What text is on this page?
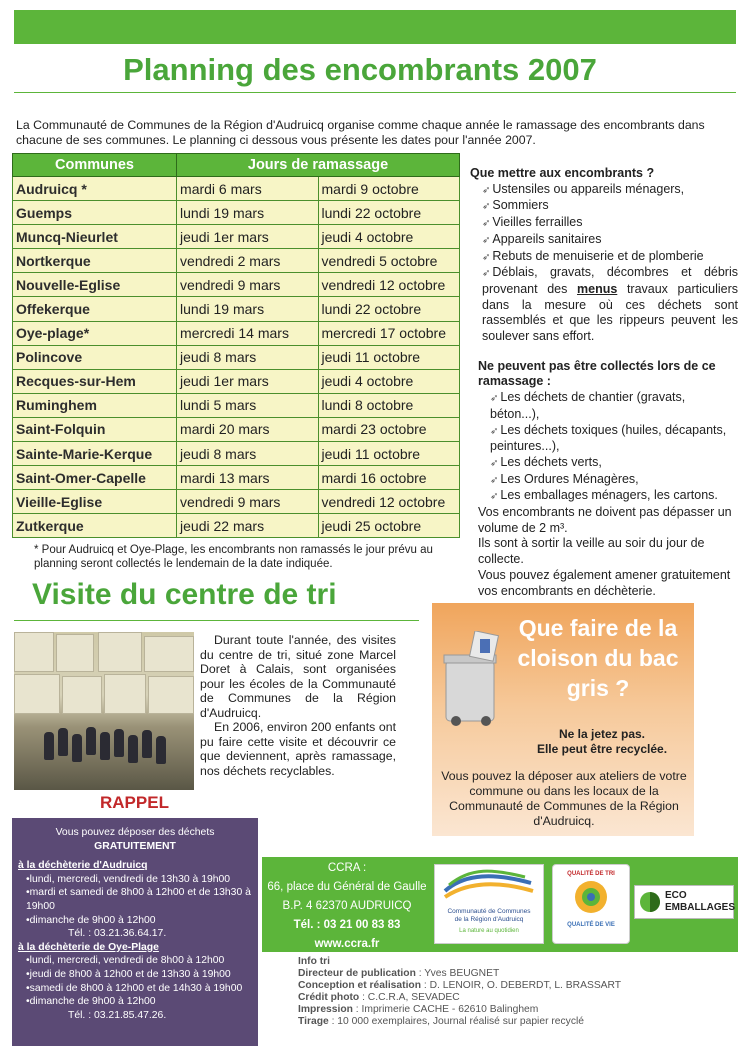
Planning des encombrants 2007

La Communauté de Communes de la Région d'Audruicq organise comme chaque année le ramassage des encombrants dans chacune de ses communes. Le planning ci dessous vous présente les dates pour l'année 2007.

Communes	Jours de ramassage	
Audruicq *	mardi 6 mars	mardi 9 octobre
Guemps	lundi 19 mars	lundi 22 octobre
Muncq-Nieurlet	jeudi 1er mars	jeudi 4 octobre
Nortkerque	vendredi 2 mars	vendredi 5 octobre
Nouvelle-Eglise	vendredi 9 mars	vendredi 12 octobre
Offekerque	lundi 19 mars	lundi 22 octobre
Oye-plage*	mercredi 14 mars	mercredi 17 octobre
Polincove	jeudi 8 mars	jeudi 11 octobre
Recques-sur-Hem	jeudi 1er mars	jeudi 4 octobre
Ruminghem	lundi 5 mars	lundi 8 octobre
Saint-Folquin	mardi 20 mars	mardi 23 octobre
Sainte-Marie-Kerque	jeudi 8 mars	jeudi 11 octobre
Saint-Omer-Capelle	mardi 13 mars	mardi 16 octobre
Vieille-Eglise	vendredi 9 mars	vendredi 12 octobre
Zutkerque	jeudi 22 mars	jeudi 25 octobre

* Pour Audruicq et Oye-Plage, les encombrants non ramassés le jour prévu au planning seront collectés le lendemain de la date indiquée.

Que mettre aux encombrants ?
➶ Ustensiles ou appareils ménagers,
➶ Sommiers
➶ Vieilles ferrailles
➶ Appareils sanitaires
➶ Rebuts de menuiserie et de plomberie
➶ Déblais, gravats, décombres et débris provenant des menus travaux particuliers dans la mesure où ces déchets sont rassemblés et que les rippeurs peuvent les soulever sans effort.
Ne peuvent pas être collectés lors de ce ramassage :
➶ Les déchets de chantier (gravats, béton...),
➶ Les déchets toxiques (huiles, décapants, peintures...),
➶ Les déchets verts,
➶ Les Ordures Ménagères,
➶ Les emballages ménagers, les cartons.
Vos encombrants ne doivent pas dépasser un volume de 2 m³.
Ils sont à sortir la veille au soir du jour de collecte.
Vous pouvez également amener gratuitement vos encombrants en déchèterie.
Visite du centre de tri

Durant toute l'année, des visites du centre de tri, situé zone Marcel Doret à Calais, sont organisées pour les écoles de la Communauté de Communes de la Région d'Audruicq.

En 2006, environ 200 enfants ont pu faire cette visite et découvrir ce que deviennent, après ramassage, nos déchets recyclables.

RAPPEL
Vous pouvez déposer des déchets
GRATUITEMENT
à la déchèterie d'Audruicq
•lundi, mercredi, vendredi de 13h30 à 19h00
•mardi et samedi de 8h00 à 12h00 et de 13h30 à 19h00
•dimanche de 9h00 à 12h00
Tél. : 03.21.36.64.17.
à la déchèterie de Oye-Plage
•lundi, mercredi, vendredi de 8h00 à 12h00
•jeudi de 8h00 à 12h00 et de 13h30 à 19h00
•samedi de 8h00 à 12h00 et de 14h30 à 19h00
•dimanche de 9h00 à 12h00
Tél. : 03.21.85.47.26.
Que faire de la cloison du bac gris ?
Ne la jetez pas.
Elle peut être recyclée.
Vous pouvez la déposer aux ateliers de votre commune ou dans les locaux de la Communauté de Communes de la Région d'Audruicq.
CCRA :
66, place du Général de Gaulle
B.P. 4 62370 AUDRUICQ
Tél. : 03 21 00 83 83
www.ccra.fr
Communauté de Communes
de la Région d'Audruicq
La nature au quotidien
QUALITÉ DE TRI
QUALITÉ DE VIE
ECO
EMBALLAGES
Info tri
Directeur de publication : Yves BEUGNET
Conception et réalisation : D. LENOIR, O. DEBERDT, L. BRASSART
Crédit photo : C.C.R.A, SEVADEC
Impression : Imprimerie CACHE - 62610 Balinghem
Tirage : 10 000 exemplaires, Journal réalisé sur papier recyclé
